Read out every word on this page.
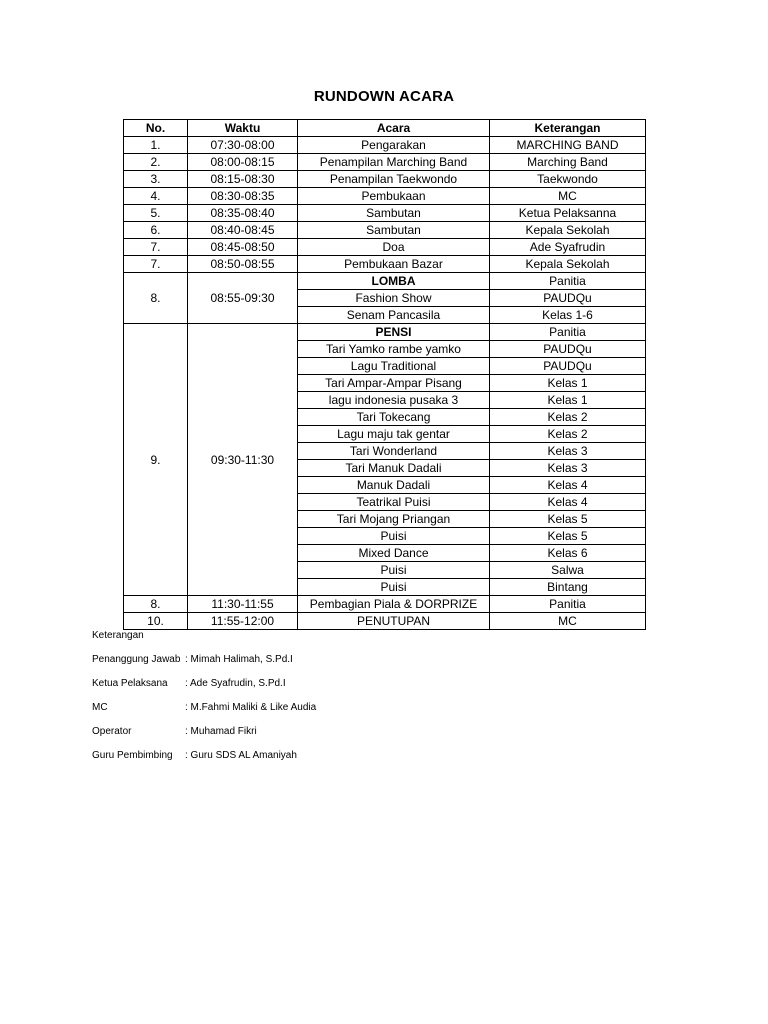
RUNDOWN ACARA
No.	Waktu	Acara	Keterangan
1.	07:30-08:00	Pengarakan	MARCHING BAND
2.	08:00-08:15	Penampilan Marching Band	Marching Band
3.	08:15-08:30	Penampilan Taekwondo	Taekwondo
4.	08:30-08:35	Pembukaan	MC
5.	08:35-08:40	Sambutan	Ketua Pelaksanna
6.	08:40-08:45	Sambutan	Kepala Sekolah
7.	08:45-08:50	Doa	Ade Syafrudin
7.	08:50-08:55	Pembukaan Bazar	Kepala Sekolah
8.	08:55-09:30	LOMBA	Panitia
		Fashion Show	PAUDQu
		Senam Pancasila	Kelas 1-6
9.	09:30-11:30	PENSI	Panitia
		Tari Yamko rambe yamko	PAUDQu
		Lagu Traditional	PAUDQu
		Tari Ampar-Ampar Pisang	Kelas 1
		lagu indonesia pusaka 3	Kelas 1
		Tari Tokecang	Kelas 2
		Lagu maju tak gentar	Kelas 2
		Tari Wonderland	Kelas 3
		Tari Manuk Dadali	Kelas 3
		Manuk Dadali	Kelas 4
		Teatrikal Puisi	Kelas 4
		Tari Mojang Priangan	Kelas 5
		Puisi	Kelas 5
		Mixed Dance	Kelas 6
		Puisi	Salwa
		Puisi	Bintang
8.	11:30-11:55	Pembagian Piala & DORPRIZE	Panitia
10.	11:55-12:00	PENUTUPAN	MC
Keterangan
Penanggung Jawab : Mimah Halimah, S.Pd.I
Ketua Pelaksana	: Ade Syafrudin, S.Pd.I
MC	: M.Fahmi Maliki & Like Audia
Operator	: Muhamad Fikri
Guru Pembimbing	: Guru SDS AL Amaniyah
